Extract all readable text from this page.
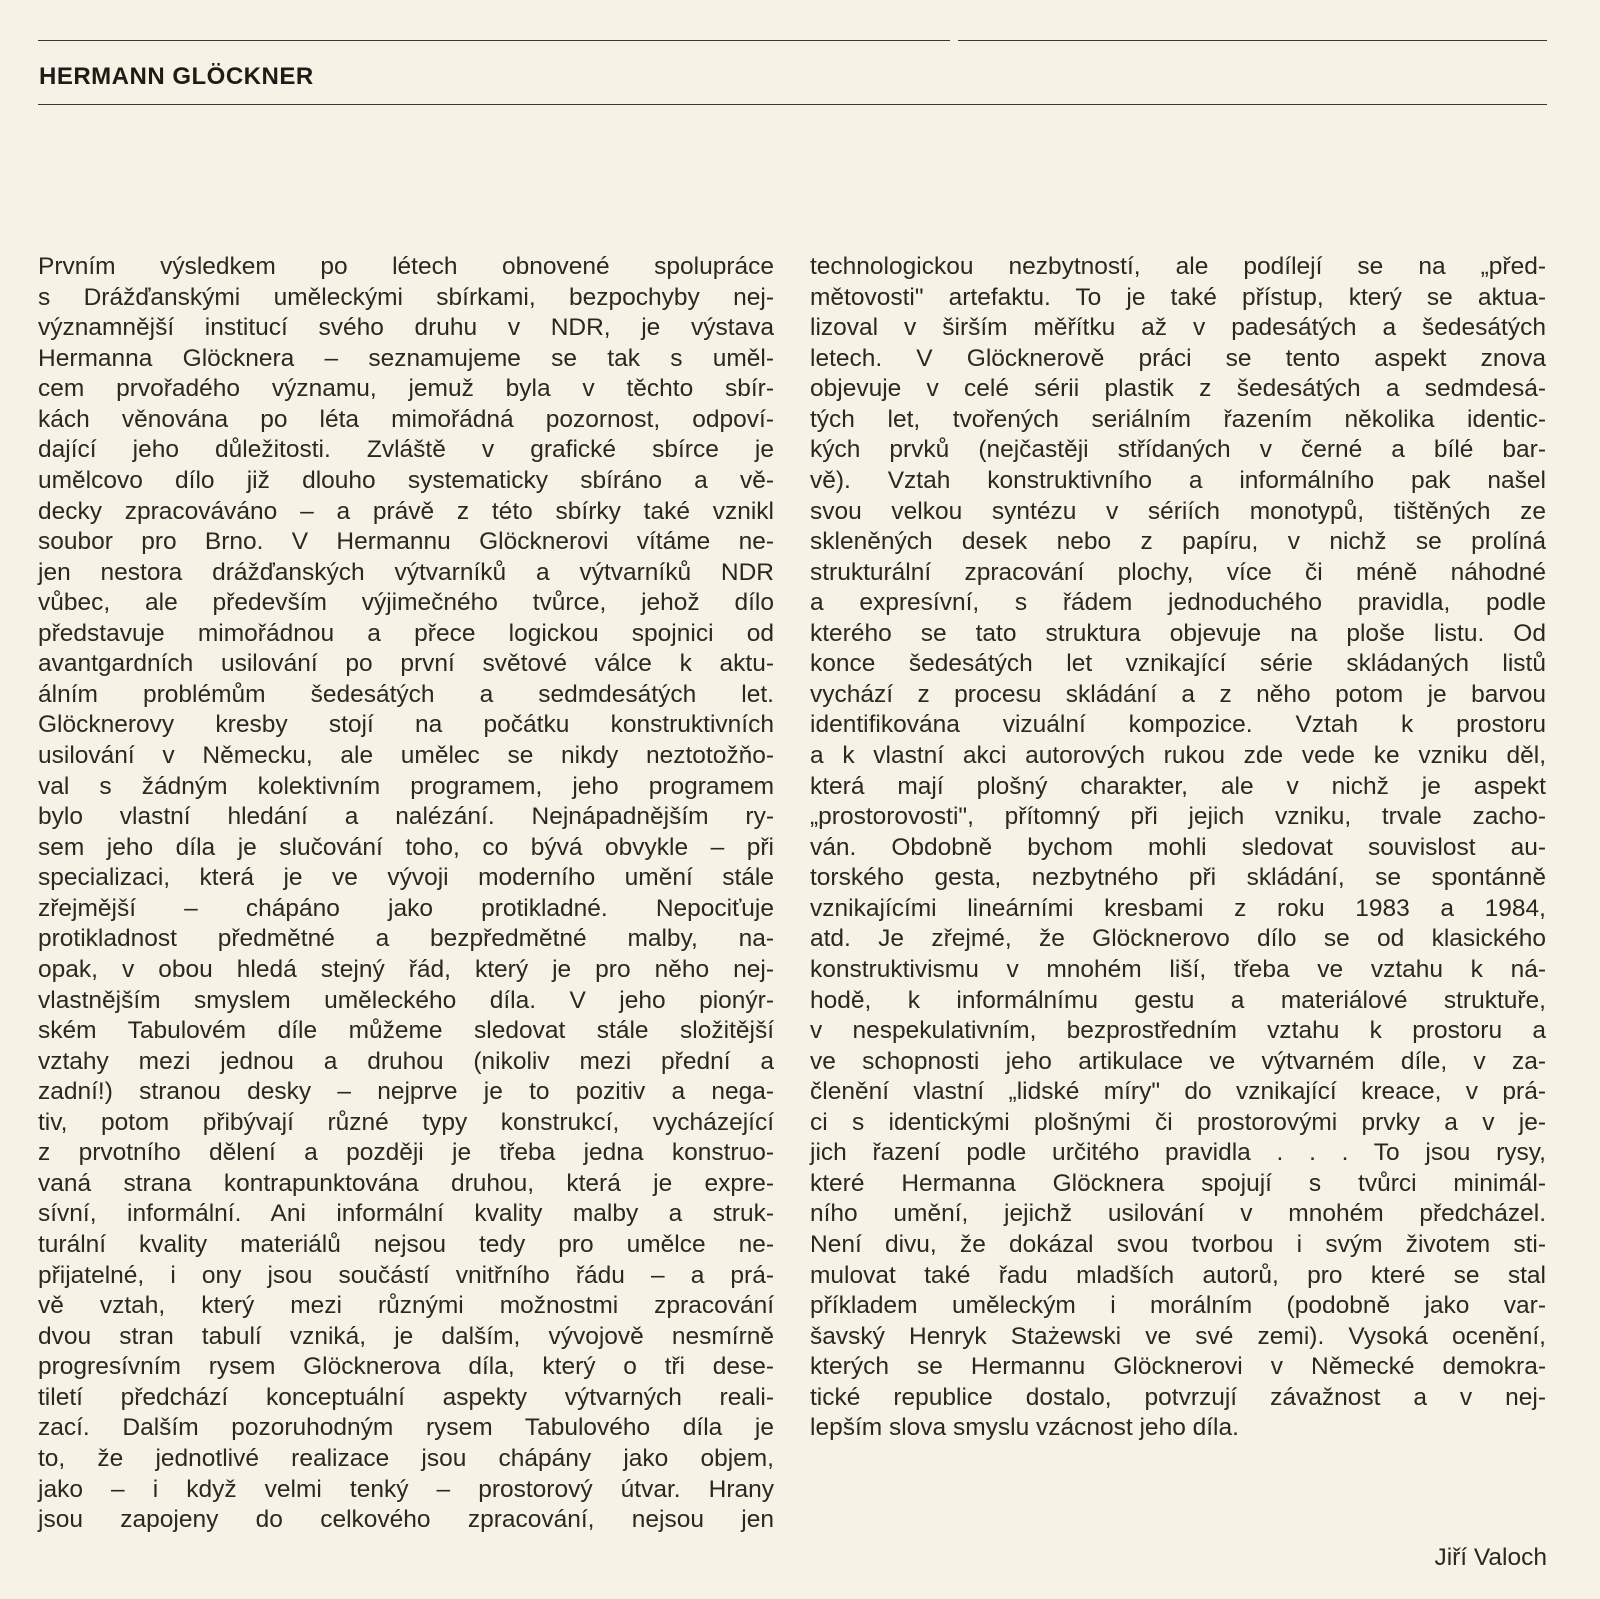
HERMANN GLÖCKNER
Prvním výsledkem po létech obnovené spolupráce
s Drážďanskými uměleckými sbírkami, bezpochyby nej-
významnější institucí svého druhu v NDR, je výstava
Hermanna Glöcknera – seznamujeme se tak s uměl-
cem prvořadého významu, jemuž byla v těchto sbír-
kách věnována po léta mimořádná pozornost, odpoví-
dající jeho důležitosti. Zvláště v grafické sbírce je
umělcovo dílo již dlouho systematicky sbíráno a vě-
decky zpracováváno – a právě z této sbírky také vznikl
soubor pro Brno. V Hermannu Glöcknerovi vítáme ne-
jen nestora drážďanských výtvarníků a výtvarníků NDR
vůbec, ale především výjimečného tvůrce, jehož dílo
představuje mimořádnou a přece logickou spojnici od
avantgardních usilování po první světové válce k aktu-
álním problémům šedesátých a sedmdesátých let.
Glöcknerovy kresby stojí na počátku konstruktivních
usilování v Německu, ale umělec se nikdy neztotožňo-
val s žádným kolektivním programem, jeho programem
bylo vlastní hledání a nalézání. Nejnápadnějším ry-
sem jeho díla je slučování toho, co bývá obvykle – při
specializaci, která je ve vývoji moderního umění stále
zřejmější – chápáno jako protikladné. Nepociťuje
protikladnost předmětné a bezpředmětné malby, na-
opak, v obou hledá stejný řád, který je pro něho nej-
vlastnějším smyslem uměleckého díla. V jeho pionýr-
ském Tabulovém díle můžeme sledovat stále složitější
vztahy mezi jednou a druhou (nikoliv mezi přední a
zadní!) stranou desky – nejprve je to pozitiv a nega-
tiv, potom přibývají různé typy konstrukcí, vycházející
z prvotního dělení a později je třeba jedna konstruo-
vaná strana kontrapunktována druhou, která je expre-
sívní, informální. Ani informální kvality malby a struk-
turální kvality materiálů nejsou tedy pro umělce ne-
přijatelné, i ony jsou součástí vnitřního řádu – a prá-
vě vztah, který mezi různými možnostmi zpracování
dvou stran tabulí vzniká, je dalším, vývojově nesmírně
progresívním rysem Glöcknerova díla, který o tři dese-
tiletí předchází konceptuální aspekty výtvarných reali-
zací. Dalším pozoruhodným rysem Tabulového díla je
to, že jednotlivé realizace jsou chápány jako objem,
jako – i když velmi tenký – prostorový útvar. Hrany
jsou zapojeny do celkového zpracování, nejsou jen
technologickou nezbytností, ale podílejí se na „před-
mětovosti" artefaktu. To je také přístup, který se aktua-
lizoval v širším měřítku až v padesátých a šedesátých
letech. V Glöcknerově práci se tento aspekt znova
objevuje v celé sérii plastik z šedesátých a sedmdesá-
tých let, tvořených seriálním řazením několika identic-
kých prvků (nejčastěji střídaných v černé a bílé bar-
vě). Vztah konstruktivního a informálního pak našel
svou velkou syntézu v sériích monotypů, tištěných ze
skleněných desek nebo z papíru, v nichž se prolíná
strukturální zpracování plochy, více či méně náhodné
a expresívní, s řádem jednoduchého pravidla, podle
kterého se tato struktura objevuje na ploše listu. Od
konce šedesátých let vznikající série skládaných listů
vychází z procesu skládání a z něho potom je barvou
identifikována vizuální kompozice. Vztah k prostoru
a k vlastní akci autorových rukou zde vede ke vzniku děl,
která mají plošný charakter, ale v nichž je aspekt
„prostorovosti", přítomný při jejich vzniku, trvale zacho-
ván. Obdobně bychom mohli sledovat souvislost au-
torského gesta, nezbytného při skládání, se spontánně
vznikajícími lineárními kresbami z roku 1983 a 1984,
atd. Je zřejmé, že Glöcknerovo dílo se od klasického
konstruktivismu v mnohém liší, třeba ve vztahu k ná-
hodě, k informálnímu gestu a materiálové struktuře,
v nespekulativním, bezprostředním vztahu k prostoru a
ve schopnosti jeho artikulace ve výtvarném díle, v za-
členění vlastní „lidské míry" do vznikající kreace, v prá-
ci s identickými plošnými či prostorovými prvky a v je-
jich řazení podle určitého pravidla . . . To jsou rysy,
které Hermanna Glöcknera spojují s tvůrci minimál-
ního umění, jejichž usilování v mnohém předcházel.
Není divu, že dokázal svou tvorbou i svým životem sti-
mulovat také řadu mladších autorů, pro které se stal
příkladem uměleckým i morálním (podobně jako var-
šavský Henryk Stażewski ve své zemi). Vysoká ocenění,
kterých se Hermannu Glöcknerovi v Německé demokra-
tické republice dostalo, potvrzují závažnost a v nej-
lepším slova smyslu vzácnost jeho díla.
Jiří Valoch
